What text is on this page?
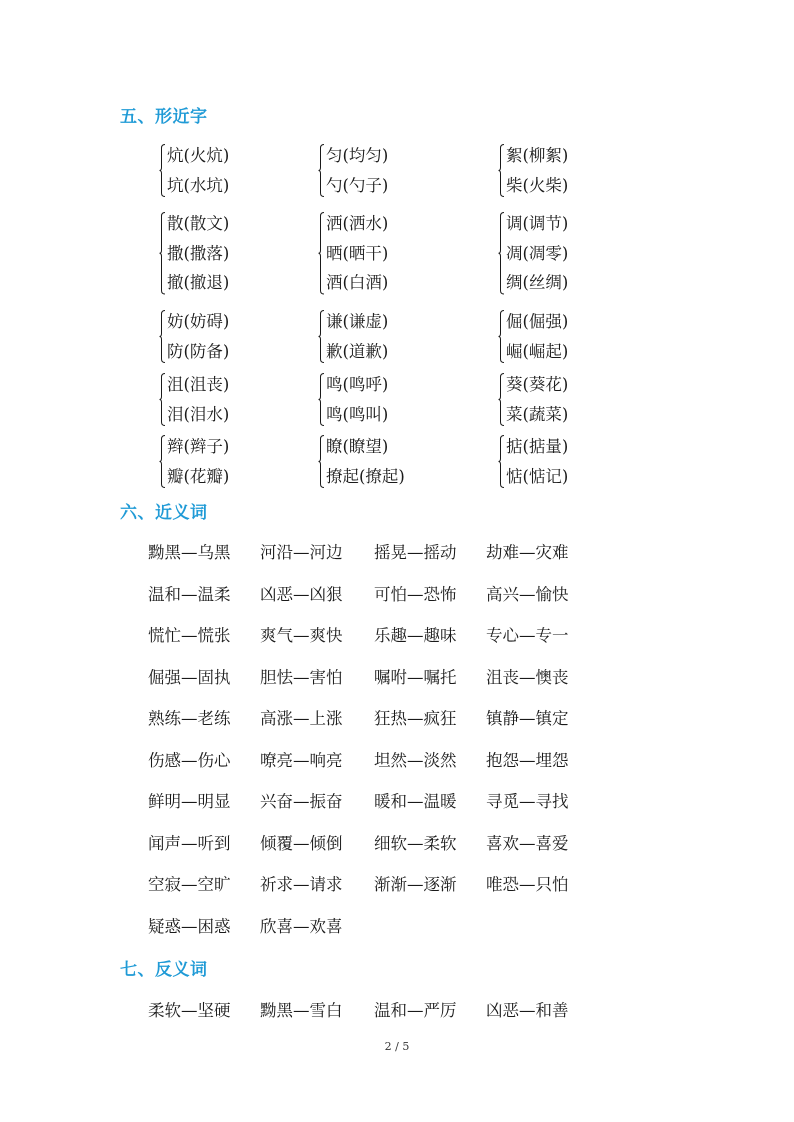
五、形近字
炕(火炕)
坑(水坑)
匀(均匀)
勺(勺子)
絮(柳絮)
柴(火柴)
散(散文)
撒(撒落)
撤(撤退)
洒(洒水)
晒(晒干)
酒(白酒)
调(调节)
凋(凋零)
绸(丝绸)
妨(妨碍)
防(防备)
谦(谦虚)
歉(道歉)
倔(倔强)
崛(崛起)
沮(沮丧)
泪(泪水)
鸣(鸣呼)
鸣(鸣叫)
葵(葵花)
菜(蔬菜)
辫(辫子)
瓣(花瓣)
瞭(瞭望)
撩起(撩起)
掂(掂量)
惦(惦记)
六、近义词
黝黑—乌黑 河沿—河边 摇晃—摇动 劫难—灾难
温和—温柔 凶恶—凶狠 可怕—恐怖 高兴—愉快
慌忙—慌张 爽气—爽快 乐趣—趣味 专心—专一
倔强—固执 胆怯—害怕 嘱咐—嘱托 沮丧—懊丧
熟练—老练 高涨—上涨 狂热—疯狂 镇静—镇定
伤感—伤心 嘹亮—响亮 坦然—淡然 抱怨—埋怨
鲜明—明显 兴奋—振奋 暖和—温暖 寻觅—寻找
闻声—听到 倾覆—倾倒 细软—柔软 喜欢—喜爱
空寂—空旷 祈求—请求 渐渐—逐渐 唯恐—只怕
疑惑—困惑 欣喜—欢喜
七、反义词
柔软—坚硬 黝黑—雪白 温和—严厉 凶恶—和善
2 / 5
